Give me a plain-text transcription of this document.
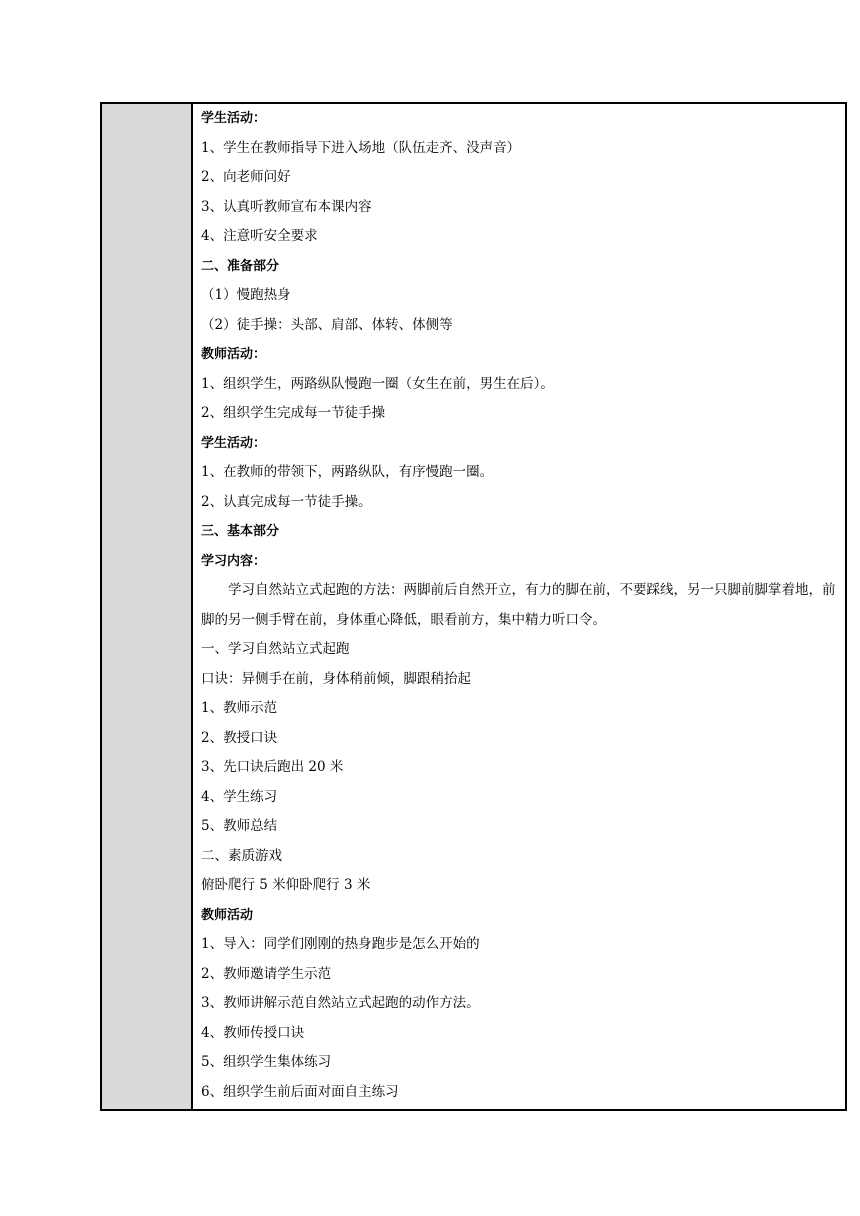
学生活动：

1、学生在教师指导下进入场地（队伍走齐、没声音）

2、向老师问好

3、认真听教师宣布本课内容

4、注意听安全要求

二、准备部分

（1）慢跑热身

（2）徒手操：头部、肩部、体转、体侧等

教师活动：

1、组织学生，两路纵队慢跑一圈（女生在前，男生在后）。

2、组织学生完成每一节徒手操

学生活动：

1、在教师的带领下，两路纵队，有序慢跑一圈。

2、认真完成每一节徒手操。

三、基本部分

学习内容：

学习自然站立式起跑的方法：两脚前后自然开立，有力的脚在前，不要踩线，另一只脚前脚掌着地，前脚的另一侧手臂在前，身体重心降低，眼看前方，集中精力听口令。

一、学习自然站立式起跑

口诀：异侧手在前，身体稍前倾，脚跟稍抬起

1、教师示范

2、教授口诀

3、先口诀后跑出 20 米

4、学生练习

5、教师总结

二、素质游戏

俯卧爬行 5 米仰卧爬行 3 米

教师活动

1、导入：同学们刚刚的热身跑步是怎么开始的

2、教师邀请学生示范

3、教师讲解示范自然站立式起跑的动作方法。

4、教师传授口诀

5、组织学生集体练习

6、组织学生前后面对面自主练习
